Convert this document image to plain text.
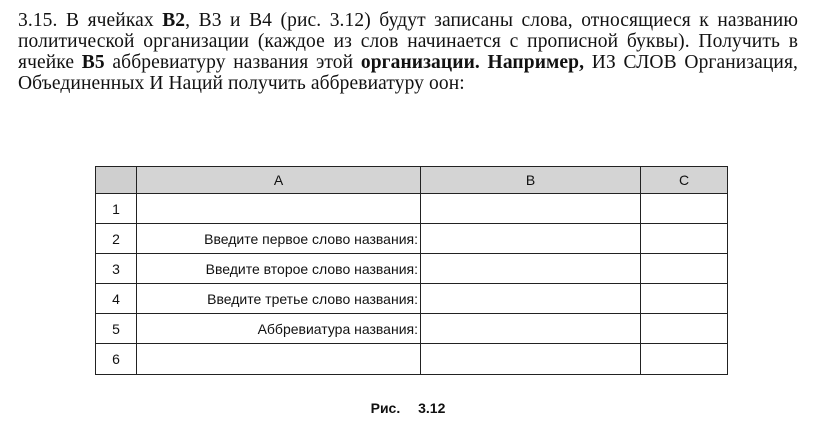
3.15. В ячейках B2, В3 и В4 (рис. 3.12) будут записаны слова, относящиеся к названию политической организации (каждое из слов начинается с прописной буквы). Получить в ячейке В5 аббревиатуру названия этой организации. Например, ИЗ СЛОВ Организация, Объединенных И Наций получить аббревиатуру оон:

	A	B	C
1			
2	Введите первое слово названия:		
3	Введите второе слово названия:		
4	Введите третье слово названия:		
5	Аббревиатура названия:		
6			
Рис. 3.12
